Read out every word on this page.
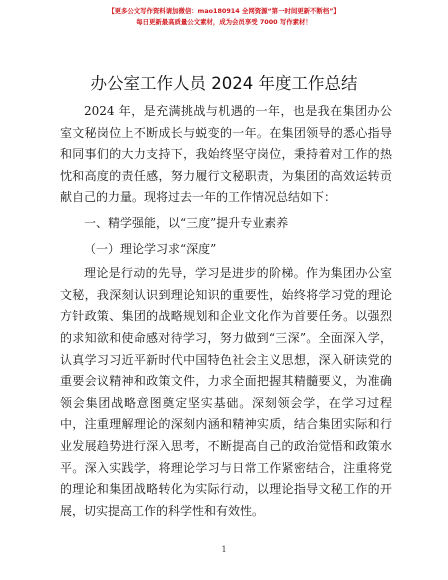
【更多公文写作资料请加微信：mao180914 全网资源“第一时间更新不断档”】
每日更新最高质量公文素材，成为会员享受 7000 写作素材！
办公室工作人员 2024 年度工作总结

2024 年，是充满挑战与机遇的一年，也是我在集团办公室文秘岗位上不断成长与蜕变的一年。在集团领导的悉心指导和同事们的大力支持下，我始终坚守岗位，秉持着对工作的热忱和高度的责任感，努力履行文秘职责，为集团的高效运转贡献自己的力量。现将过去一年的工作情况总结如下：

一、精学强能，以“三度”提升专业素养

（一）理论学习求“深度”

理论是行动的先导，学习是进步的阶梯。作为集团办公室文秘，我深刻认识到理论知识的重要性，始终将学习党的理论方针政策、集团的战略规划和企业文化作为首要任务。以强烈的求知欲和使命感对待学习，努力做到“三深”。全面深入学，认真学习习近平新时代中国特色社会主义思想，深入研读党的重要会议精神和政策文件，力求全面把握其精髓要义，为准确领会集团战略意图奠定坚实基础。深刻领会学，在学习过程中，注重理解理论的深刻内涵和精神实质，结合集团实际和行业发展趋势进行深入思考，不断提高自己的政治觉悟和政策水平。深入实践学，将理论学习与日常工作紧密结合，注重将党的理论和集团战略转化为实际行动，以理论指导文秘工作的开展，切实提高工作的科学性和有效性。

1
